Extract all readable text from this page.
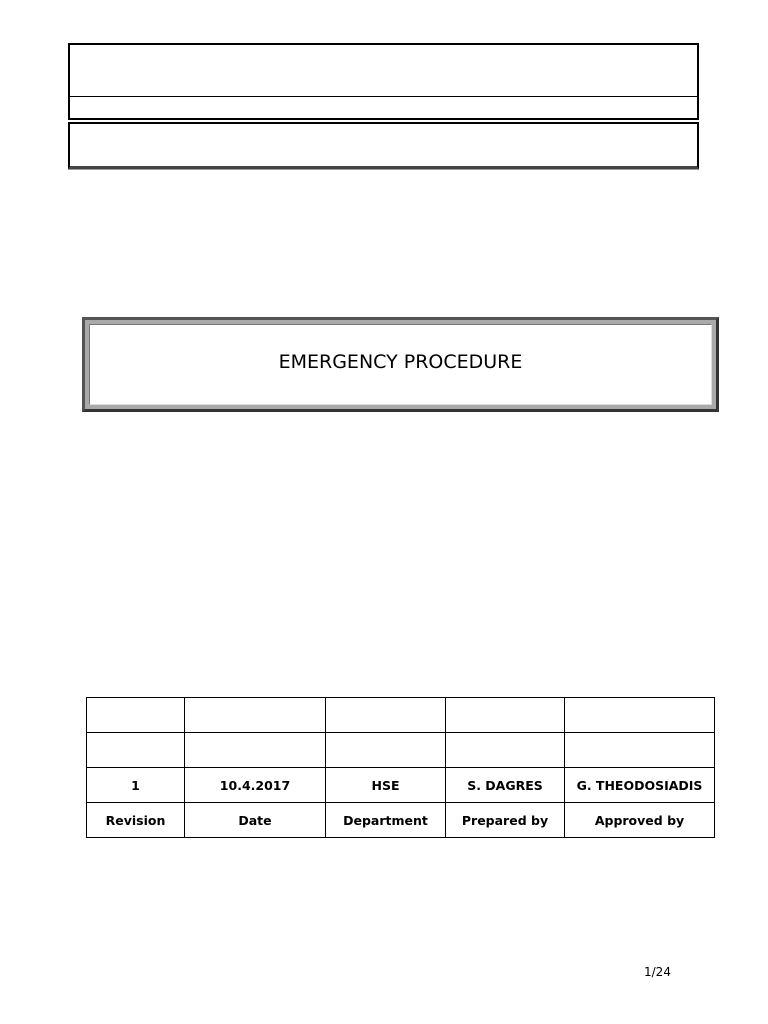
EMERGENCY PROCEDURE

1	10.4.2017	HSE	S. DAGRES	G. THEODOSIADIS
Revision	Date	Department	Prepared by	Approved by
1/24
